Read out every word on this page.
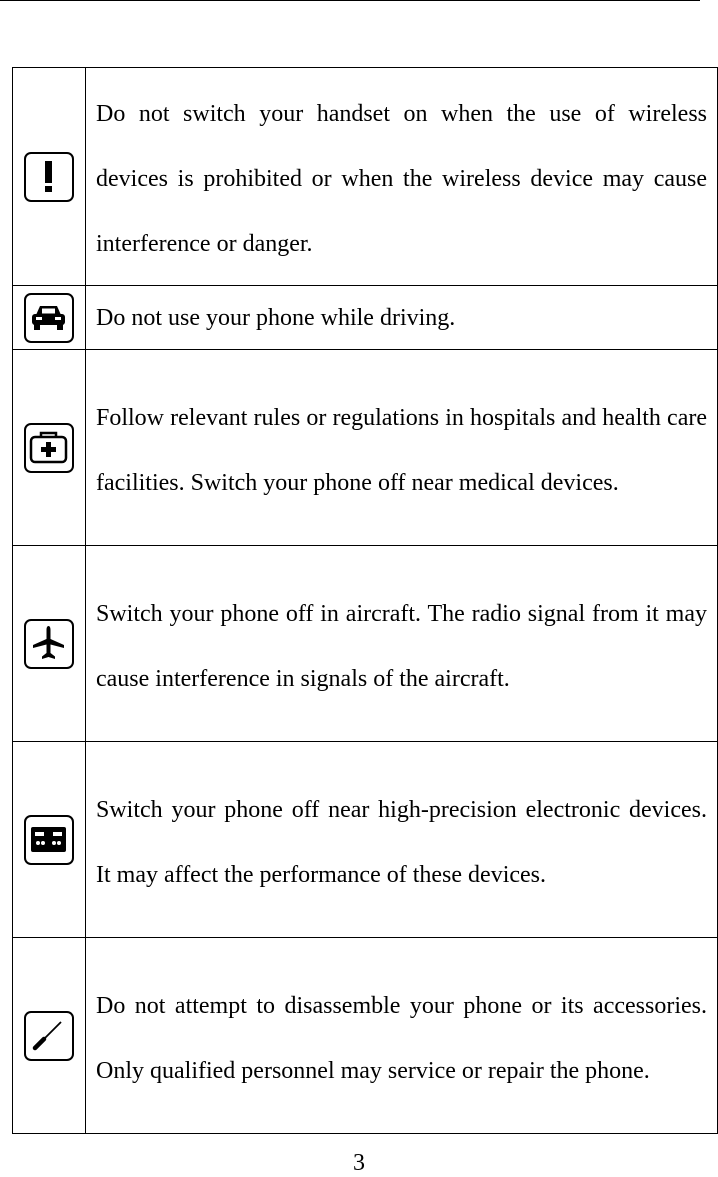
	Do not switch your handset on when the use of wireless devices is prohibited or when the wireless device may cause interference or danger.

	Do not use your phone while driving.

	Follow relevant rules or regulations in hospitals and health care facilities. Switch your phone off near medical devices.

	Switch your phone off in aircraft. The radio signal from it may cause interference in signals of the aircraft.

	Switch your phone off near high-precision electronic devices. It may affect the performance of these devices.

	Do not attempt to disassemble your phone or its accessories. Only qualified personnel may service or repair the phone.
3
